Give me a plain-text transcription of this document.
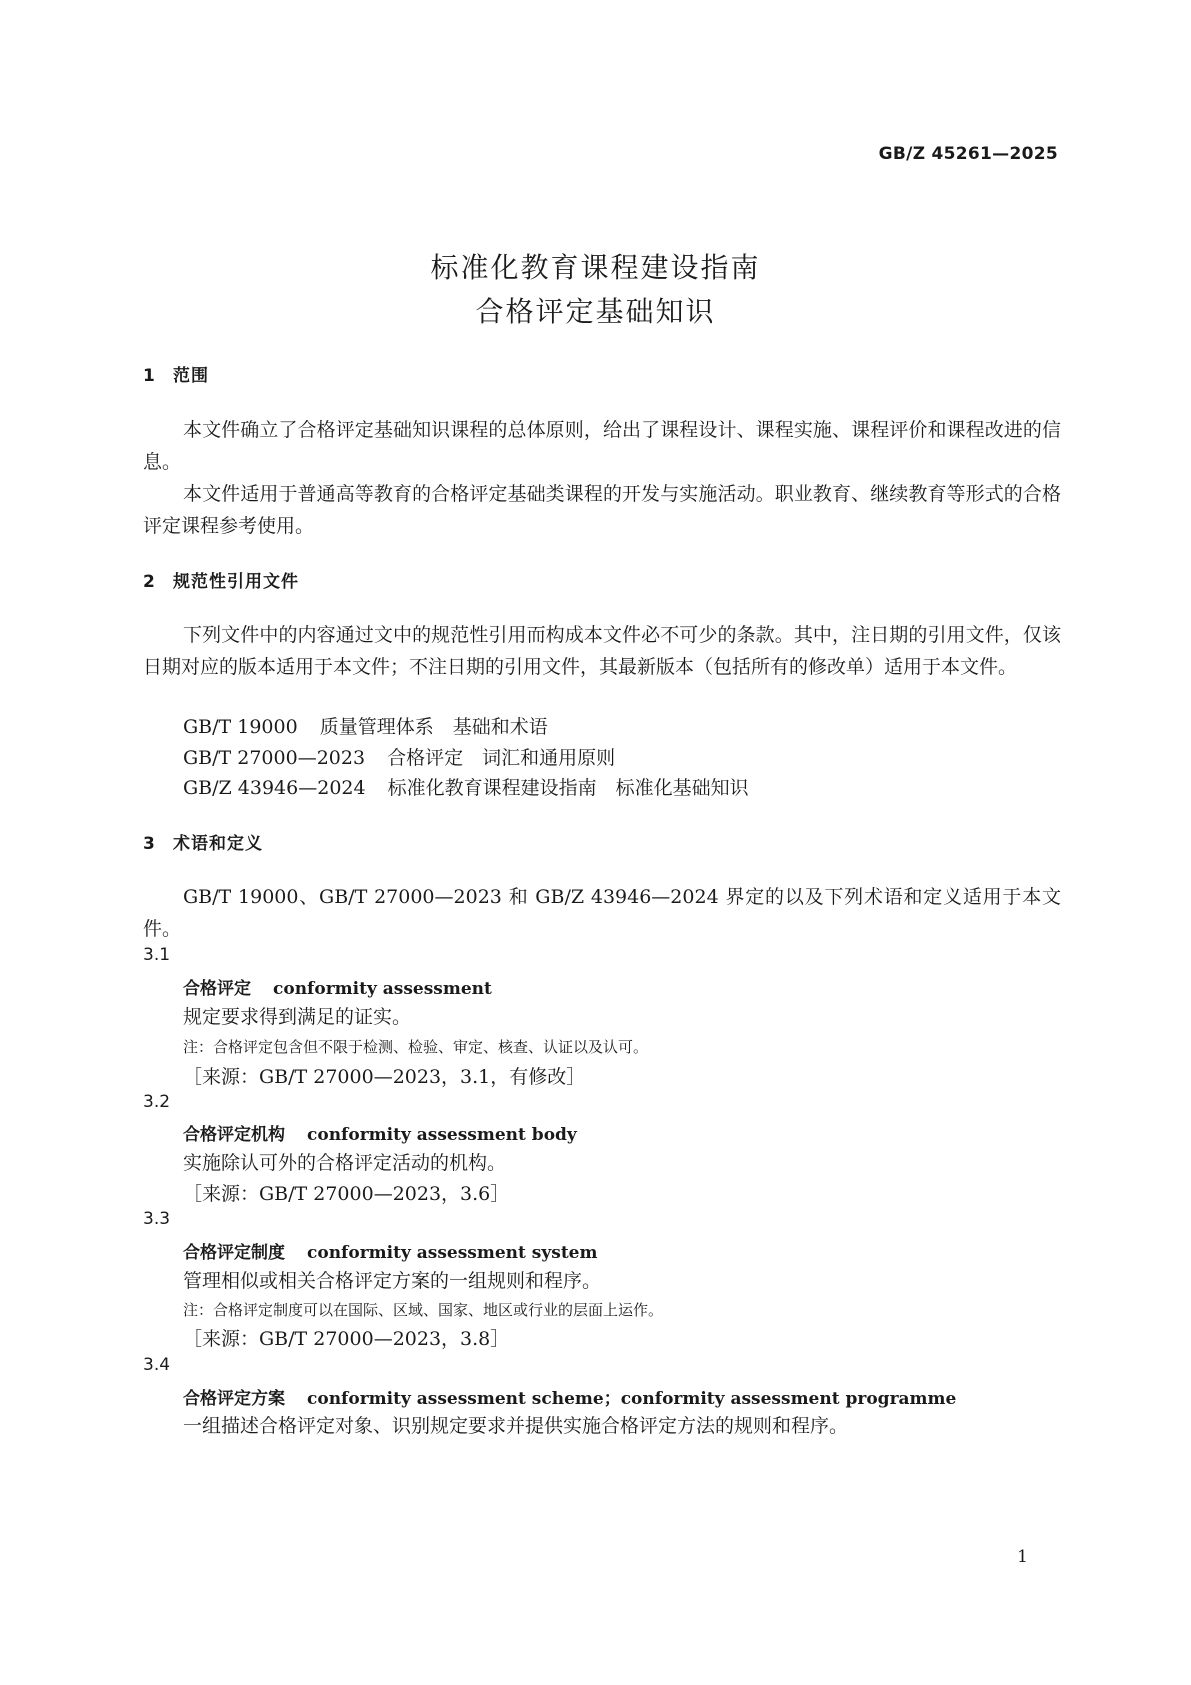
GB/Z 45261—2025
标准化教育课程建设指南
合格评定基础知识
1 范围

本文件确立了合格评定基础知识课程的总体原则，给出了课程设计、课程实施、课程评价和课程改进的信息。

本文件适用于普通高等教育的合格评定基础类课程的开发与实施活动。职业教育、继续教育等形式的合格评定课程参考使用。

2 规范性引用文件

下列文件中的内容通过文中的规范性引用而构成本文件必不可少的条款。其中，注日期的引用文件，仅该日期对应的版本适用于本文件；不注日期的引用文件，其最新版本（包括所有的修改单）适用于本文件。

GB/T 19000 质量管理体系　基础和术语
GB/T 27000—2023 合格评定　词汇和通用原则
GB/Z 43946—2024 标准化教育课程建设指南　标准化基础知识
3 术语和定义

GB/T 19000、GB/T 27000—2023 和 GB/Z 43946—2024 界定的以及下列术语和定义适用于本文件。

3.1
合格评定 conformity assessment
规定要求得到满足的证实。
注：合格评定包含但不限于检测、检验、审定、核查、认证以及认可。
［来源：GB/T 27000—2023，3.1，有修改］
3.2
合格评定机构 conformity assessment body
实施除认可外的合格评定活动的机构。
［来源：GB/T 27000—2023，3.6］
3.3
合格评定制度 conformity assessment system
管理相似或相关合格评定方案的一组规则和程序。
注：合格评定制度可以在国际、区域、国家、地区或行业的层面上运作。
［来源：GB/T 27000—2023，3.8］
3.4
合格评定方案 conformity assessment scheme；conformity assessment programme
一组描述合格评定对象、识别规定要求并提供实施合格评定方法的规则和程序。
1
